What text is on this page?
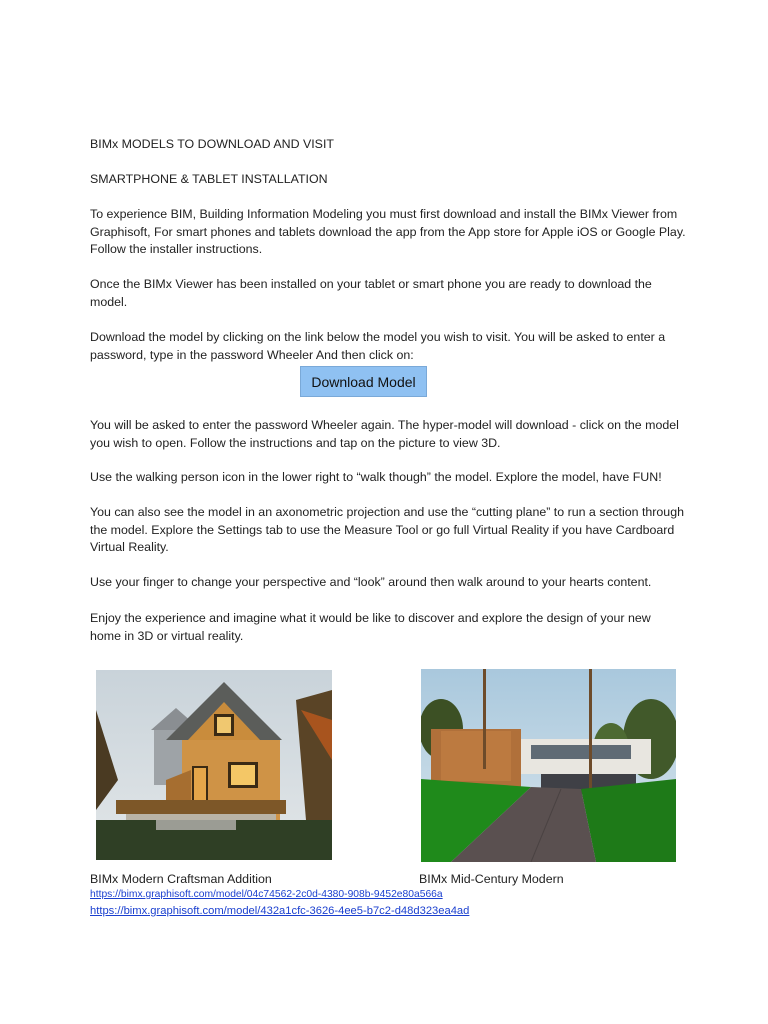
BIMx MODELS TO DOWNLOAD AND VISIT

SMARTPHONE & TABLET INSTALLATION

To experience BIM, Building Information Modeling you must first download and install the BIMx Viewer from Graphisoft, For smart phones and tablets download the app from the App store for Apple iOS or Google Play. Follow the installer instructions.

Once the BIMx Viewer has been installed on your tablet or smart phone you are ready to download the model.

Download the model by clicking on the link below the model you wish to visit. You will be asked to enter a password, type in the password Wheeler And then click on:

Download Model

You will be asked to enter the password Wheeler again. The hyper-model will download - click on the model you wish to open. Follow the instructions and tap on the picture to view 3D.

Use the walking person icon in the lower right to “walk though” the model. Explore the model, have FUN!

You can also see the model in an axonometric projection and use the “cutting plane” to run a section through the model. Explore the Settings tab to use the Measure Tool or go full Virtual Reality if you have Cardboard Virtual Reality.

Use your finger to change your perspective and “look” around then walk around to your hearts content.

Enjoy the experience and imagine what it would be like to discover and explore the design of your new home in 3D or virtual reality.

BIMx Modern Craftsman Addition	BIMx Mid-Century Modern
https://bimx.graphisoft.com/model/04c74562-2c0d-4380-908b-9452e80a566a
https://bimx.graphisoft.com/model/432a1cfc-3626-4ee5-b7c2-d48d323ea4ad
